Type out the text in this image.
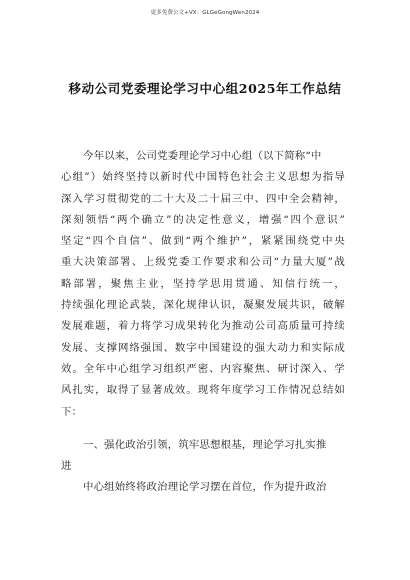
更多免费公文+VX：GLGeGongWen2024
移动公司党委理论学习中心组2025年工作总结
今年以来，公司党委理论学习中心组（以下简称“中
心组”）始终坚持以新时代中国特色社会主义思想为指导
深入学习贯彻党的二十大及二十届三中、四中全会精神，
深刻领悟“两个确立”的决定性意义，增强“四个意识”
坚定“四个自信”、做到“两个维护”，紧紧围绕党中央
重大决策部署、上级党委工作要求和公司“力量大厦”战
略部署，聚焦主业，坚持学思用贯通、知信行统一，
持续强化理论武装，深化规律认识，凝聚发展共识，破解
发展难题，着力将学习成果转化为推动公司高质量可持续
发展、支撑网络强国、数字中国建设的强大动力和实际成
效。全年中心组学习组织严密、内容聚焦、研讨深入、学
风扎实，取得了显著成效。现将年度学习工作情况总结如
下：
一、强化政治引领，筑牢思想根基，理论学习扎实推
进
中心组始终将政治理论学习摆在首位，作为提升政治
